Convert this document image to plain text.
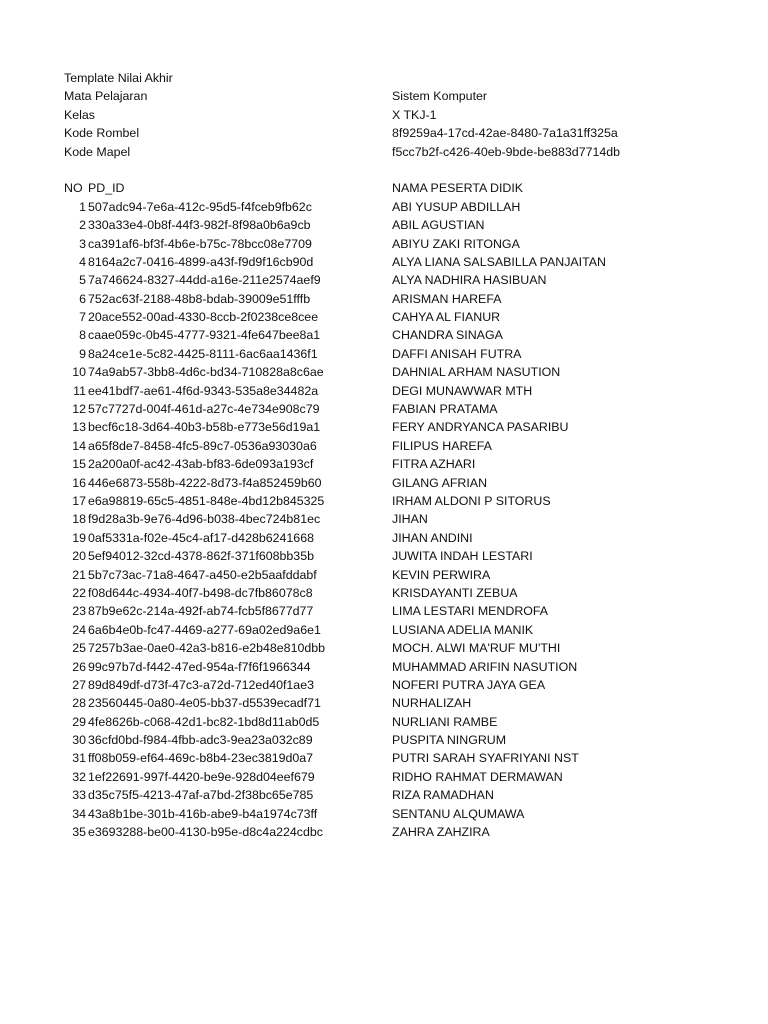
Template Nilai Akhir
Mata Pelajaran	Sistem Komputer
Kelas	X TKJ-1
Kode Rombel	8f9259a4-17cd-42ae-8480-7a1a31ff325a
Kode Mapel	f5cc7b2f-c426-40eb-9bde-be883d7714db
NO PD_ID	NAMA PESERTA DIDIK
1 507adc94-7e6a-412c-95d5-f4fceb9fb62c	ABI YUSUP ABDILLAH
2 330a33e4-0b8f-44f3-982f-8f98a0b6a9cb	ABIL AGUSTIAN
3 ca391af6-bf3f-4b6e-b75c-78bcc08e7709	ABIYU ZAKI RITONGA
4 8164a2c7-0416-4899-a43f-f9d9f16cb90d	ALYA LIANA SALSABILLA PANJAITAN
5 7a746624-8327-44dd-a16e-211e2574aef9	ALYA NADHIRA HASIBUAN
6 752ac63f-2188-48b8-bdab-39009e51fffb	ARISMAN HAREFA
7 20ace552-00ad-4330-8ccb-2f0238ce8cee	CAHYA AL FIANUR
8 caae059c-0b45-4777-9321-4fe647bee8a1	CHANDRA SINAGA
9 8a24ce1e-5c82-4425-8111-6ac6aa1436f1	DAFFI ANISAH FUTRA
10 74a9ab57-3bb8-4d6c-bd34-710828a8c6ae	DAHNIAL ARHAM NASUTION
11 ee41bdf7-ae61-4f6d-9343-535a8e34482a	DEGI MUNAWWAR MTH
12 57c7727d-004f-461d-a27c-4e734e908c79	FABIAN PRATAMA
13 becf6c18-3d64-40b3-b58b-e773e56d19a1	FERY ANDRYANCA PASARIBU
14 a65f8de7-8458-4fc5-89c7-0536a93030a6	FILIPUS HAREFA
15 2a200a0f-ac42-43ab-bf83-6de093a193cf	FITRA AZHARI
16 446e6873-558b-4222-8d73-f4a852459b60	GILANG AFRIAN
17 e6a98819-65c5-4851-848e-4bd12b845325	IRHAM ALDONI P SITORUS
18 f9d28a3b-9e76-4d96-b038-4bec724b81ec	JIHAN
19 0af5331a-f02e-45c4-af17-d428b6241668	JIHAN ANDINI
20 5ef94012-32cd-4378-862f-371f608bb35b	JUWITA INDAH LESTARI
21 5b7c73ac-71a8-4647-a450-e2b5aafddabf	KEVIN PERWIRA
22 f08d644c-4934-40f7-b498-dc7fb86078c8	KRISDAYANTI ZEBUA
23 87b9e62c-214a-492f-ab74-fcb5f8677d77	LIMA LESTARI MENDROFA
24 6a6b4e0b-fc47-4469-a277-69a02ed9a6e1	LUSIANA ADELIA MANIK
25 7257b3ae-0ae0-42a3-b816-e2b48e810dbb	MOCH. ALWI MA'RUF MU'THI
26 99c97b7d-f442-47ed-954a-f7f6f1966344	MUHAMMAD ARIFIN NASUTION
27 89d849df-d73f-47c3-a72d-712ed40f1ae3	NOFERI PUTRA JAYA GEA
28 23560445-0a80-4e05-bb37-d5539ecadf71	NURHALIZAH
29 4fe8626b-c068-42d1-bc82-1bd8d11ab0d5	NURLIANI RAMBE
30 36cfd0bd-f984-4fbb-adc3-9ea23a032c89	PUSPITA NINGRUM
31 ff08b059-ef64-469c-b8b4-23ec3819d0a7	PUTRI SARAH SYAFRIYANI NST
32 1ef22691-997f-4420-be9e-928d04eef679	RIDHO RAHMAT DERMAWAN
33 d35c75f5-4213-47af-a7bd-2f38bc65e785	RIZA RAMADHAN
34 43a8b1be-301b-416b-abe9-b4a1974c73ff	SENTANU ALQUMAWA
35 e3693288-be00-4130-b95e-d8c4a224cdbc	ZAHRA ZAHZIRA
